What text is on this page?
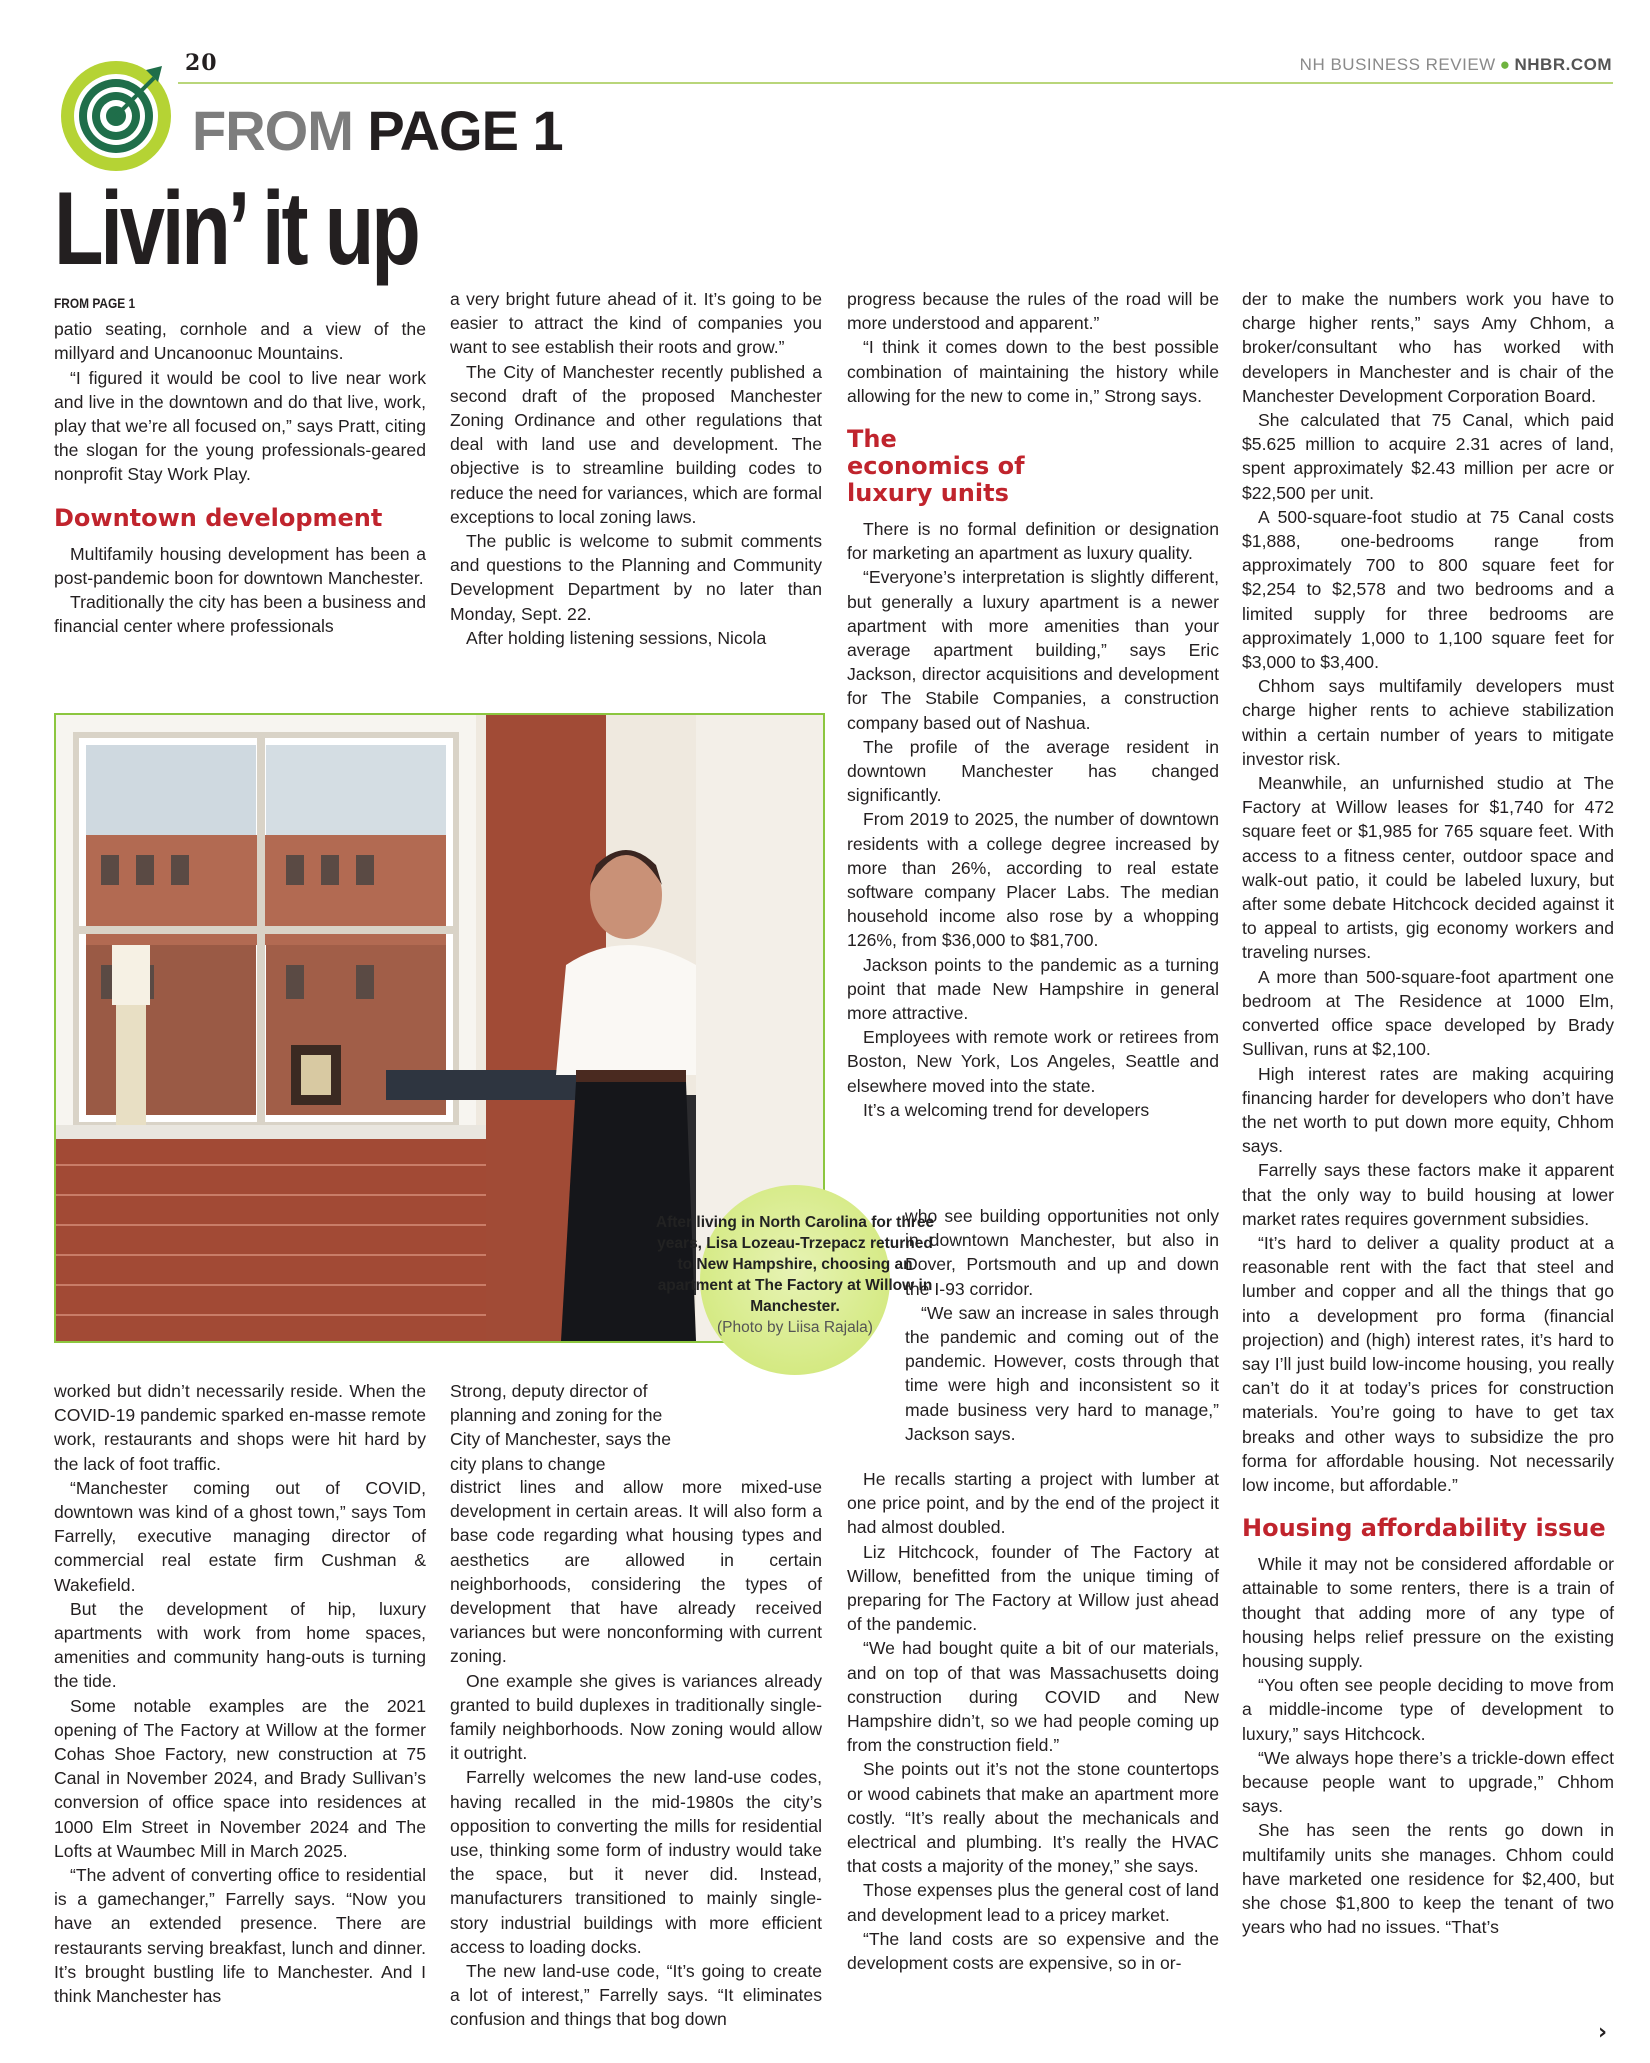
20	NH BUSINESS REVIEW ● NHBR.COM
FROM PAGE 1
Livin’ it up
FROM PAGE 1

patio seating, cornhole and a view of the millyard and Uncanoonuc Mountains.

“I figured it would be cool to live near work and live in the downtown and do that live, work, play that we’re all focused on,” says Pratt, citing the slogan for the young professionals-geared nonprofit Stay Work Play.

Downtown development

Multifamily housing development has been a post-pandemic boon for downtown Manchester.

Traditionally the city has been a business and financial center where professionals

a very bright future ahead of it. It’s going to be easier to attract the kind of companies you want to see establish their roots and grow.”

The City of Manchester recently published a second draft of the proposed Manchester Zoning Ordinance and other regulations that deal with land use and development. The objective is to streamline building codes to reduce the need for variances, which are formal exceptions to local zoning laws.

The public is welcome to submit comments and questions to the Planning and Community Development Department by no later than Monday, Sept. 22.

After holding listening sessions, Nicola

After living in North Carolina for three years, Lisa Lozeau-Trzepacz returned to New Hampshire, choosing an apartment at The Factory at Willow in Manchester.
(Photo by Liisa Rajala)

worked but didn’t necessarily reside. When the COVID-19 pandemic sparked en-masse remote work, restaurants and shops were hit hard by the lack of foot traffic.

“Manchester coming out of COVID, downtown was kind of a ghost town,” says Tom Farrelly, executive managing director of commercial real estate firm Cushman & Wakefield.

But the development of hip, luxury apartments with work from home spaces, amenities and community hang-outs is turning the tide.

Some notable examples are the 2021 opening of The Factory at Willow at the former Cohas Shoe Factory, new construction at 75 Canal in November 2024, and Brady Sullivan’s conversion of office space into residences at 1000 Elm Street in November 2024 and The Lofts at Waumbec Mill in March 2025.

“The advent of converting office to residential is a gamechanger,” Farrelly says. “Now you have an extended presence. There are restaurants serving breakfast, lunch and dinner. It’s brought bustling life to Manchester. And I think Manchester has

Strong, deputy director of planning and zoning for the City of Manchester, says the city plans to change

district lines and allow more mixed-use development in certain areas. It will also form a base code regarding what housing types and aesthetics are allowed in certain neighborhoods, considering the types of development that have already received variances but were nonconforming with current zoning.

One example she gives is variances already granted to build duplexes in traditionally single-family neighborhoods. Now zoning would allow it outright.

Farrelly welcomes the new land-use codes, having recalled in the mid-1980s the city’s opposition to converting the mills for residential use, thinking some form of industry would take the space, but it never did. Instead, manufacturers transitioned to mainly single-story industrial buildings with more efficient access to loading docks.

The new land-use code, “It’s going to create a lot of interest,” Farrelly says. “It eliminates confusion and things that bog down

progress because the rules of the road will be more understood and apparent.”

“I think it comes down to the best possible combination of maintaining the history while allowing for the new to come in,” Strong says.

The economics of luxury units

There is no formal definition or designation for marketing an apartment as luxury quality.

“Everyone’s interpretation is slightly different, but generally a luxury apartment is a newer apartment with more amenities than your average apartment building,” says Eric Jackson, director acquisitions and development for The Stabile Companies, a construction company based out of Nashua.

The profile of the average resident in downtown Manchester has changed significantly.

From 2019 to 2025, the number of downtown residents with a college degree increased by more than 26%, according to real estate software company Placer Labs. The median household income also rose by a whopping 126%, from $36,000 to $81,700.

Jackson points to the pandemic as a turning point that made New Hampshire in general more attractive.

Employees with remote work or retirees from Boston, New York, Los Angeles, Seattle and elsewhere moved into the state.

It’s a welcoming trend for developers

who see building opportunities not only in downtown Manchester, but also in Dover, Portsmouth and up and down the I-93 corridor.

“We saw an increase in sales through the pandemic and coming out of the pandemic. However, costs through that time were high and inconsistent so it made business very hard to manage,” Jackson says.

He recalls starting a project with lumber at one price point, and by the end of the project it had almost doubled.

Liz Hitchcock, founder of The Factory at Willow, benefitted from the unique timing of preparing for The Factory at Willow just ahead of the pandemic.

“We had bought quite a bit of our materials, and on top of that was Massachusetts doing construction during COVID and New Hampshire didn’t, so we had people coming up from the construction field.”

She points out it’s not the stone countertops or wood cabinets that make an apartment more costly. “It’s really about the mechanicals and electrical and plumbing. It’s really the HVAC that costs a majority of the money,” she says.

Those expenses plus the general cost of land and development lead to a pricey market.

“The land costs are so expensive and the development costs are expensive, so in or-

der to make the numbers work you have to charge higher rents,” says Amy Chhom, a broker/consultant who has worked with developers in Manchester and is chair of the Manchester Development Corporation Board.

She calculated that 75 Canal, which paid $5.625 million to acquire 2.31 acres of land, spent approximately $2.43 million per acre or $22,500 per unit.

A 500-square-foot studio at 75 Canal costs $1,888, one-bedrooms range from approximately 700 to 800 square feet for $2,254 to $2,578 and two bedrooms and a limited supply for three bedrooms are approximately 1,000 to 1,100 square feet for $3,000 to $3,400.

Chhom says multifamily developers must charge higher rents to achieve stabilization within a certain number of years to mitigate investor risk.

Meanwhile, an unfurnished studio at The Factory at Willow leases for $1,740 for 472 square feet or $1,985 for 765 square feet. With access to a fitness center, outdoor space and walk-out patio, it could be labeled luxury, but after some debate Hitchcock decided against it to appeal to artists, gig economy workers and traveling nurses.

A more than 500-square-foot apartment one bedroom at The Residence at 1000 Elm, converted office space developed by Brady Sullivan, runs at $2,100.

High interest rates are making acquiring financing harder for developers who don’t have the net worth to put down more equity, Chhom says.

Farrelly says these factors make it apparent that the only way to build housing at lower market rates requires government subsidies.

“It’s hard to deliver a quality product at a reasonable rent with the fact that steel and lumber and copper and all the things that go into a development pro forma (financial projection) and (high) interest rates, it’s hard to say I’ll just build low-income housing, you really can’t do it at today’s prices for construction materials. You’re going to have to get tax breaks and other ways to subsidize the pro forma for affordable housing. Not necessarily low income, but affordable.”

Housing affordability issue

While it may not be considered affordable or attainable to some renters, there is a train of thought that adding more of any type of housing helps relief pressure on the existing housing supply.

“You often see people deciding to move from a middle-income type of development to luxury,” says Hitchcock.

“We always hope there’s a trickle-down effect because people want to upgrade,” Chhom says.

She has seen the rents go down in multifamily units she manages. Chhom could have marketed one residence for $2,400, but she chose $1,800 to keep the tenant of two years who had no issues. “That’s

›
